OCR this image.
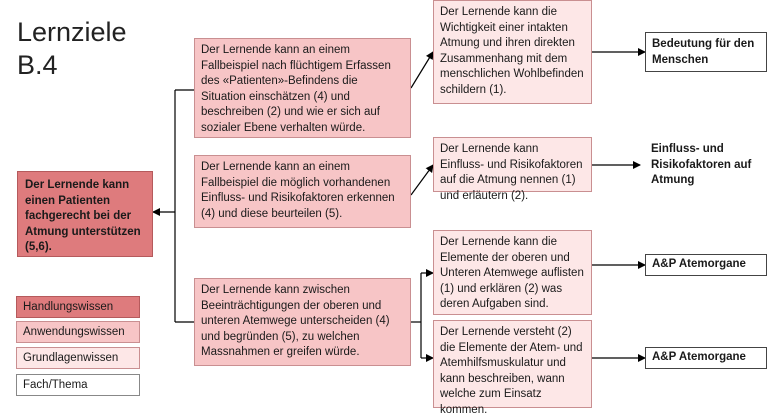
Lernziele
B.4
Der Lernende kann einen Patienten fachgerecht bei der Atmung unterstützen (5,6).
Der Lernende kann an einem Fallbeispiel nach flüchtigem Erfassen des «Patienten»-Befindens die Situation einschätzen (4) und beschreiben (2) und wie er sich auf sozialer Ebene verhalten würde.
Der Lernende kann an einem Fallbeispiel die möglich vorhandenen Einfluss- und Risikofaktoren erkennen (4) und diese beurteilen (5).
Der Lernende kann zwischen Beeinträchtigungen der oberen und unteren Atemwege unterscheiden (4) und begründen (5), zu welchen Massnahmen er greifen würde.
Der Lernende kann die Wichtigkeit einer intakten Atmung und ihren direkten Zusammenhang mit dem menschlichen Wohlbefinden schildern (1).
Der Lernende kann Einfluss- und Risikofaktoren auf die Atmung nennen (1) und erläutern (2).
Der Lernende kann die Elemente der oberen und Unteren Atemwege auflisten (1) und erklären (2) was deren Aufgaben sind.
Der Lernende versteht (2) die Elemente der Atem- und Atemhilfsmuskulatur und kann beschreiben, wann welche zum Einsatz kommen.
Bedeutung für den Menschen
Einfluss- und Risikofaktoren auf Atmung
A&P Atemorgane
A&P Atemorgane
Handlungswissen
Anwendungswissen
Grundlagenwissen
Fach/Thema
